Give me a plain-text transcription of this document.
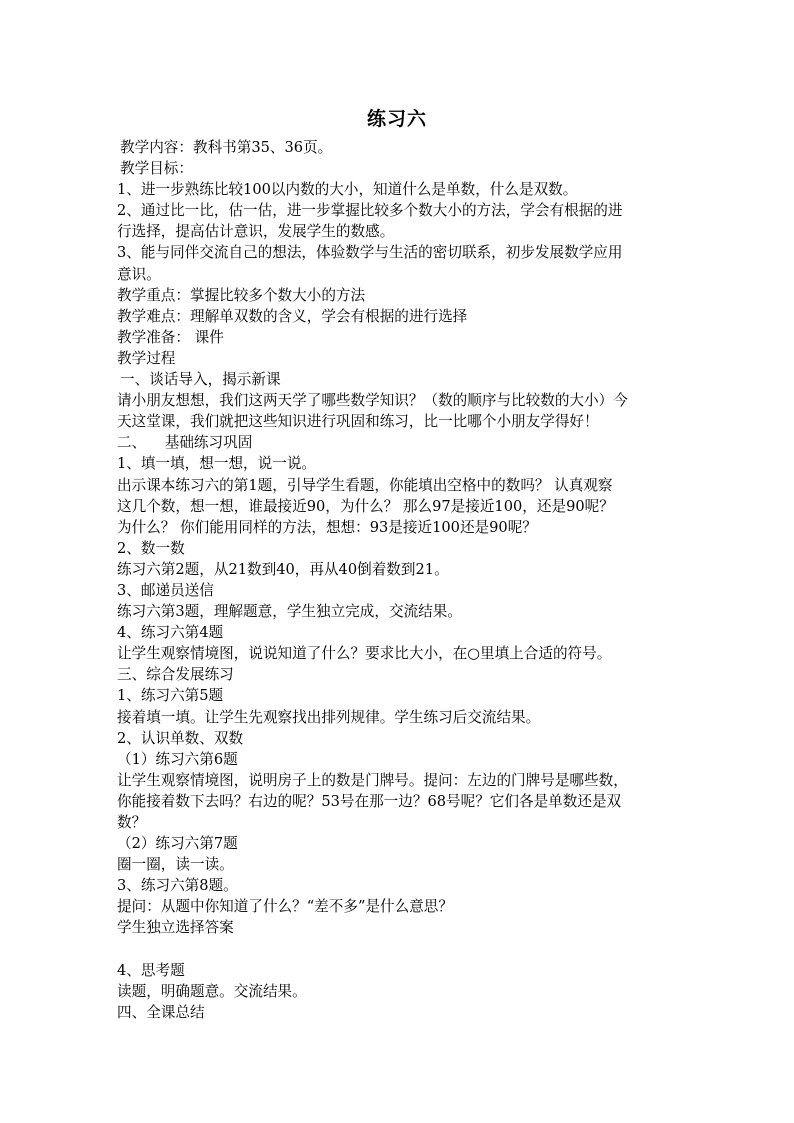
练习六
教学内容：教科书第35、36页。
教学目标：
1、进一步熟练比较100以内数的大小，知道什么是单数，什么是双数。
2、通过比一比，估一估，进一步掌握比较多个数大小的方法，学会有根据的进
行选择，提高估计意识，发展学生的数感。
3、能与同伴交流自己的想法，体验数学与生活的密切联系，初步发展数学应用
意识。
教学重点：掌握比较多个数大小的方法
教学难点：理解单双数的含义，学会有根据的进行选择
教学准备： 课件
教学过程
一、谈话导入，揭示新课
请小朋友想想，我们这两天学了哪些数学知识？（数的顺序与比较数的大小）今
天这堂课，我们就把这些知识进行巩固和练习，比一比哪个小朋友学得好！
二、    基础练习巩固
1、填一填，想一想，说一说。
出示课本练习六的第1题，引导学生看题，你能填出空格中的数吗？ 认真观察
这几个数，想一想，谁最接近90，为什么？ 那么97是接近100，还是90呢？
为什么？ 你们能用同样的方法，想想：93是接近100还是90呢？
2、数一数
练习六第2题，从21数到40，再从40倒着数到21。
3、邮递员送信
练习六第3题，理解题意，学生独立完成，交流结果。
4、练习六第4题
让学生观察情境图，说说知道了什么？要求比大小，在○里填上合适的符号。
三、综合发展练习
1、练习六第5题
接着填一填。让学生先观察找出排列规律。学生练习后交流结果。
2、认识单数、双数
（1）练习六第6题
让学生观察情境图，说明房子上的数是门牌号。提问：左边的门牌号是哪些数，
你能接着数下去吗？右边的呢？53号在那一边？68号呢？它们各是单数还是双
数？
（2）练习六第7题
圈一圈，读一读。
3、练习六第8题。
提问：从题中你知道了什么？“差不多”是什么意思？
学生独立选择答案
4、思考题
读题，明确题意。交流结果。
四、全课总结
